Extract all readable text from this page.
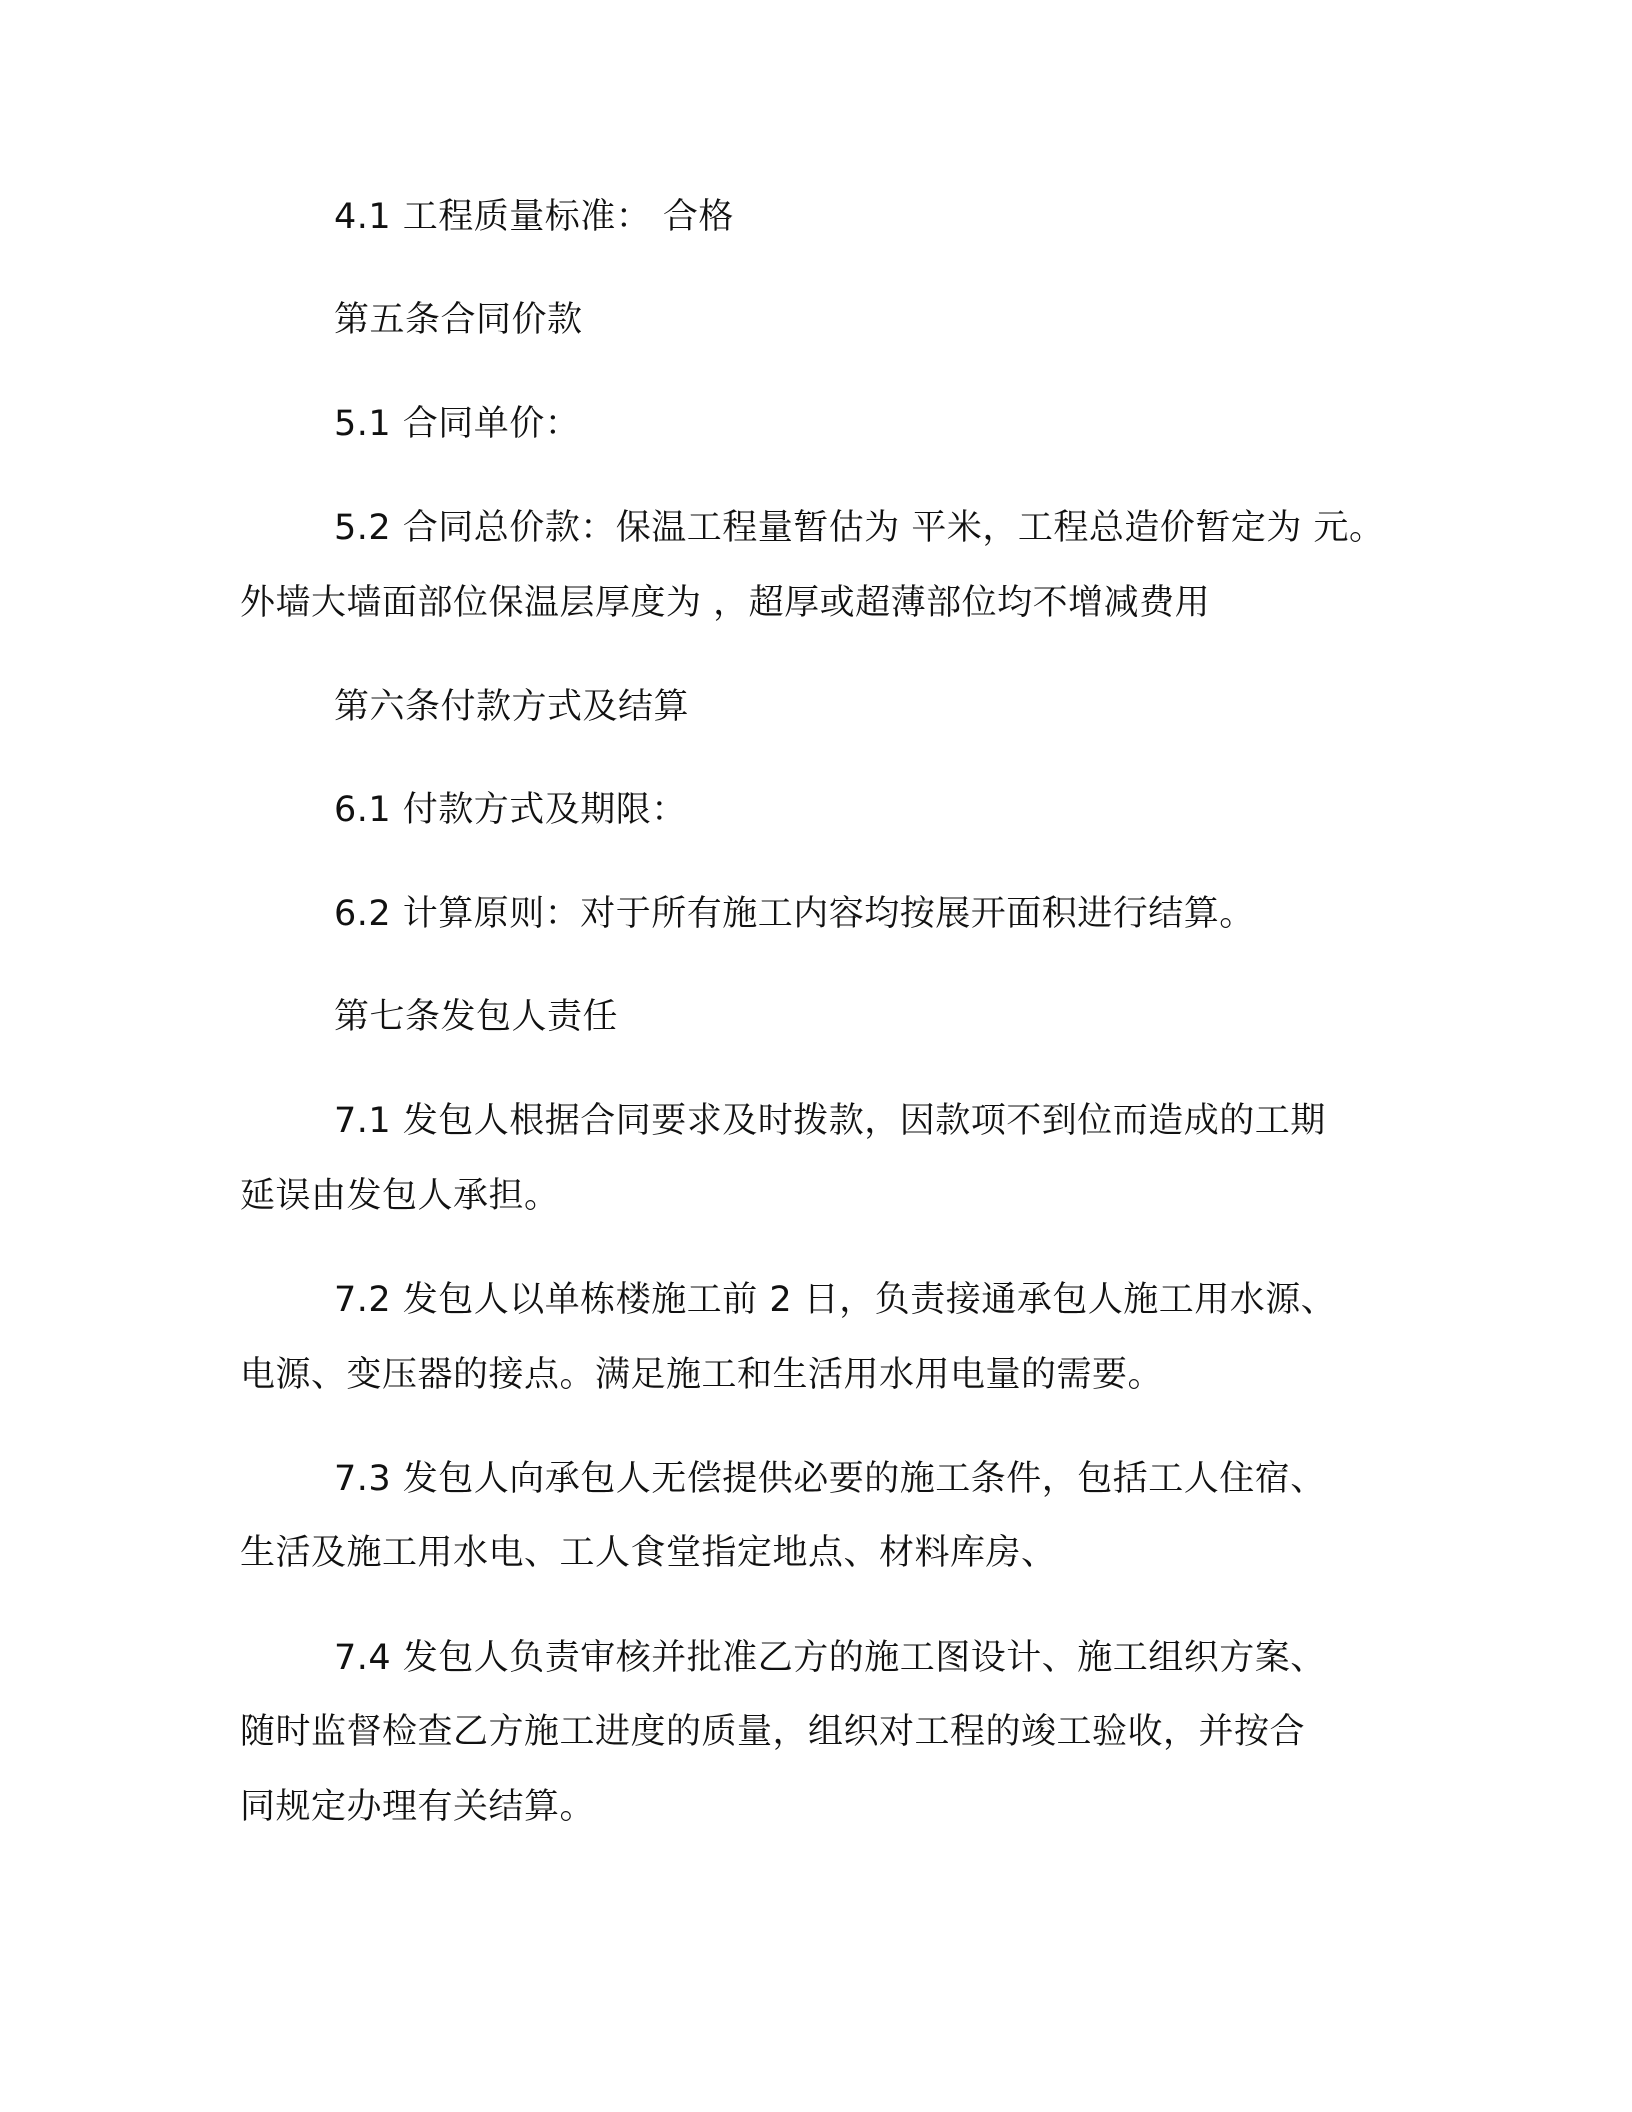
4.1 工程质量标准： 合格
第五条合同价款
5.1 合同单价：
5.2 合同总价款：保温工程量暂估为 平米，工程总造价暂定为 元。
外墙大墙面部位保温层厚度为 ，超厚或超薄部位均不增减费用
第六条付款方式及结算
6.1 付款方式及期限：
6.2 计算原则：对于所有施工内容均按展开面积进行结算。
第七条发包人责任
7.1 发包人根据合同要求及时拨款，因款项不到位而造成的工期
延误由发包人承担。
7.2 发包人以单栋楼施工前 2 日，负责接通承包人施工用水源、
电源、变压器的接点。满足施工和生活用水用电量的需要。
7.3 发包人向承包人无偿提供必要的施工条件，包括工人住宿、
生活及施工用水电、工人食堂指定地点、材料库房、
7.4 发包人负责审核并批准乙方的施工图设计、施工组织方案、
随时监督检查乙方施工进度的质量，组织对工程的竣工验收，并按合
同规定办理有关结算。
